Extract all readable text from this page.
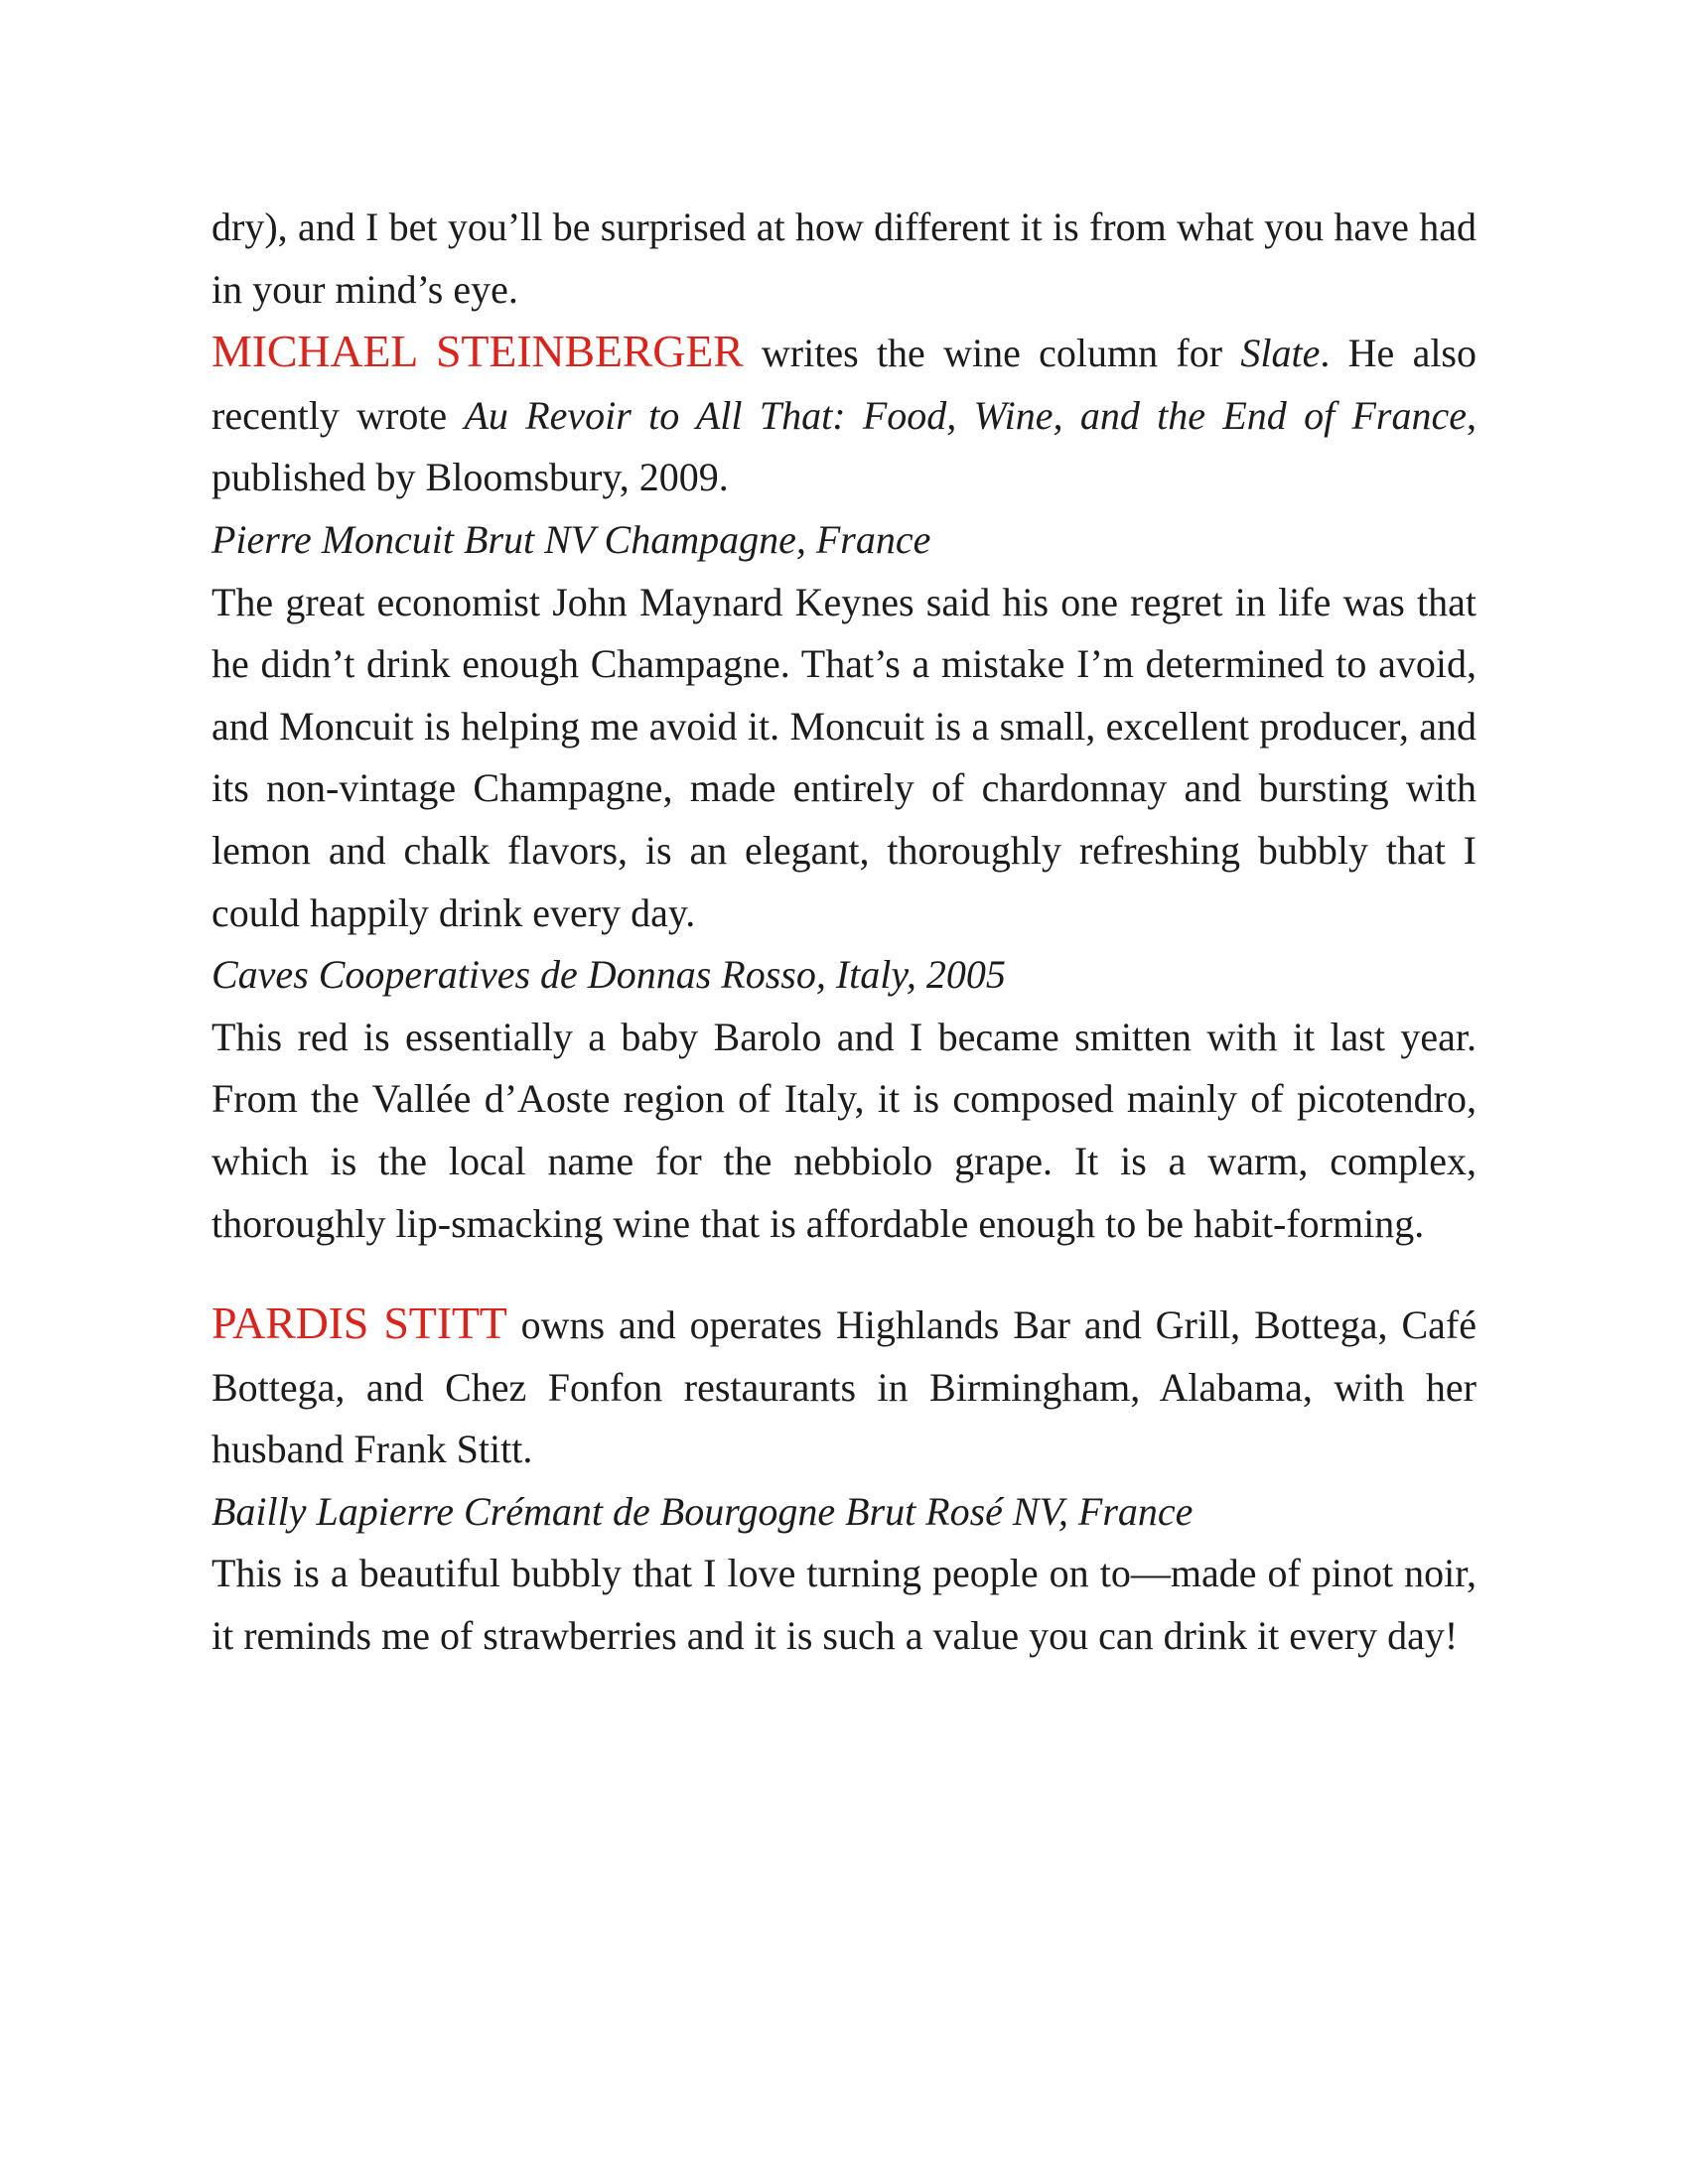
dry), and I bet you’ll be surprised at how different it is from what you have had in your mind’s eye.

MICHAEL STEINBERGER writes the wine column for Slate. He also recently wrote Au Revoir to All That: Food, Wine, and the End of France, published by Bloomsbury, 2009.

Pierre Moncuit Brut NV Champagne, France

The great economist John Maynard Keynes said his one regret in life was that he didn’t drink enough Champagne. That’s a mistake I’m determined to avoid, and Moncuit is helping me avoid it. Moncuit is a small, excellent producer, and its non-vintage Champagne, made entirely of chardonnay and bursting with lemon and chalk flavors, is an elegant, thoroughly refreshing bubbly that I could happily drink every day.

Caves Cooperatives de Donnas Rosso, Italy, 2005

This red is essentially a baby Barolo and I became smitten with it last year. From the Vallée d’Aoste region of Italy, it is composed mainly of picotendro, which is the local name for the nebbiolo grape. It is a warm, complex, thoroughly lip-smacking wine that is affordable enough to be habit-forming.

PARDIS STITT owns and operates Highlands Bar and Grill, Bottega, Café Bottega, and Chez Fonfon restaurants in Birmingham, Alabama, with her husband Frank Stitt.

Bailly Lapierre Crémant de Bourgogne Brut Rosé NV, France

This is a beautiful bubbly that I love turning people on to—made of pinot noir, it reminds me of strawberries and it is such a value you can drink it every day!
